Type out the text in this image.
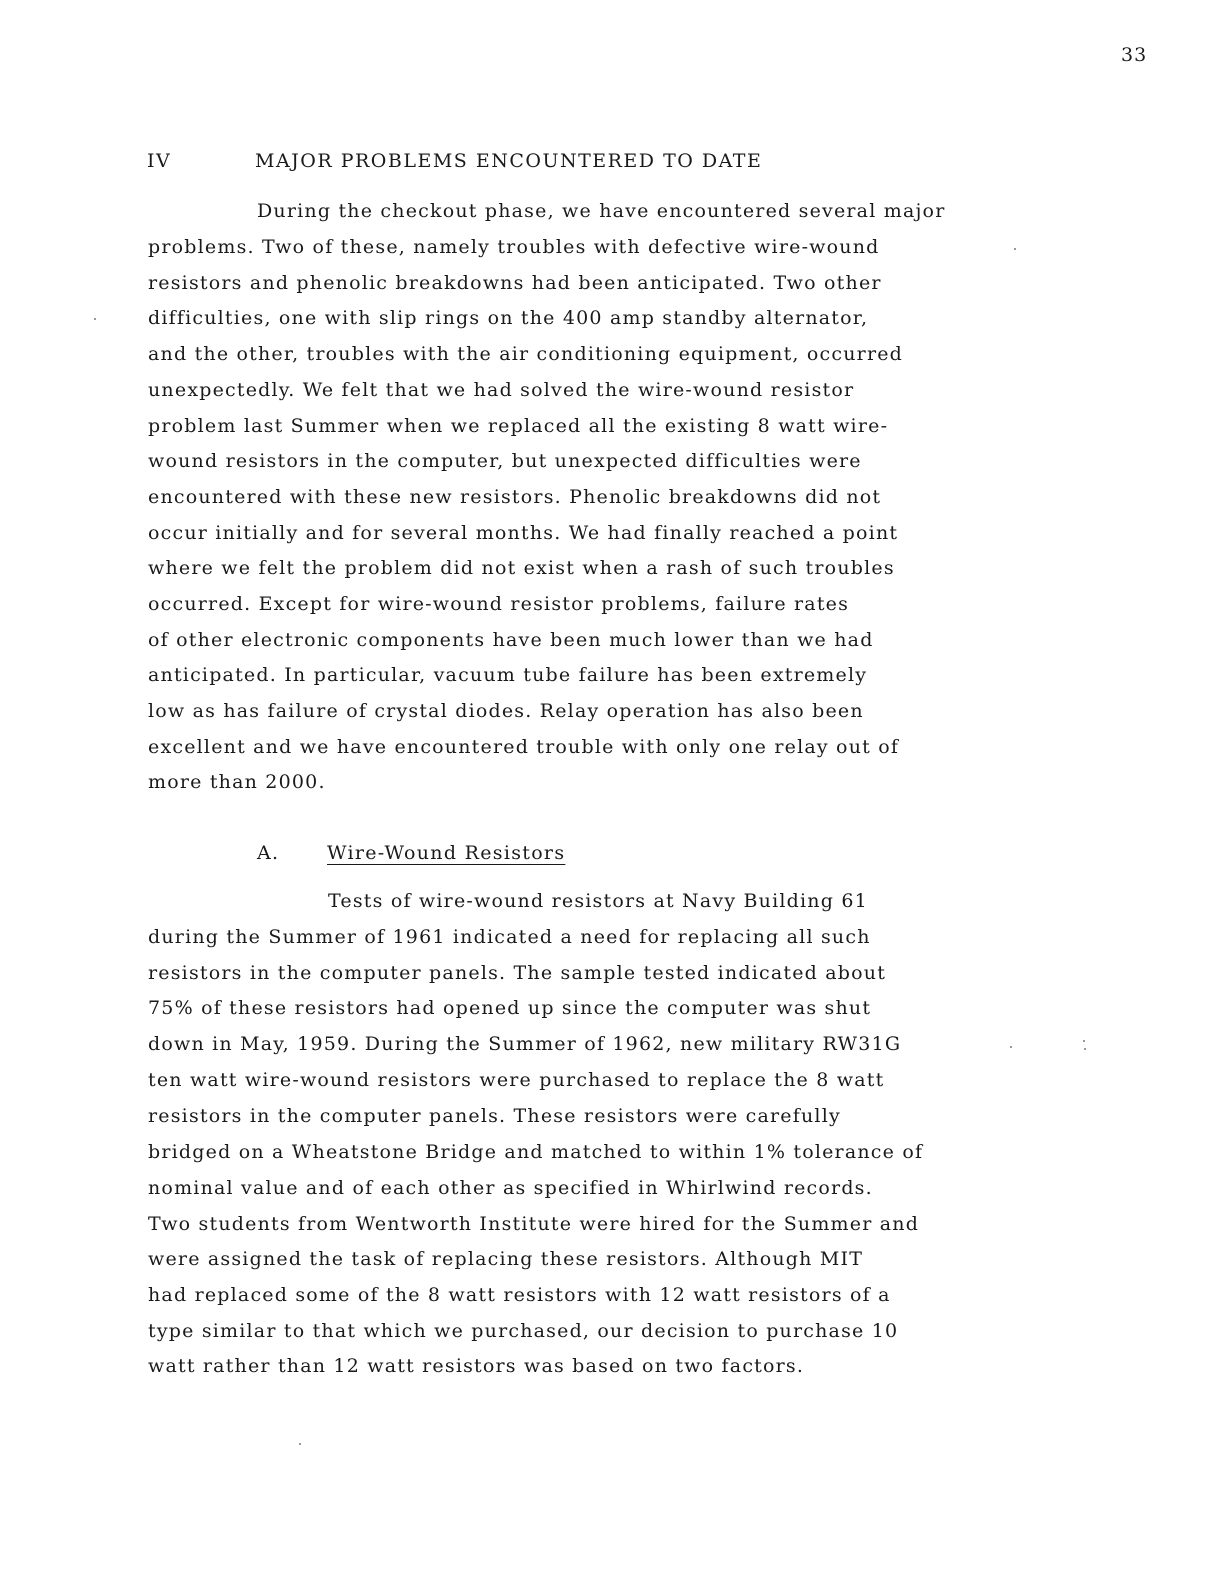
33
IV	MAJOR PROBLEMS ENCOUNTERED TO DATE
During the checkout phase, we have encountered several major
problems. Two of these, namely troubles with defective wire-wound
resistors and phenolic breakdowns had been anticipated. Two other
difficulties, one with slip rings on the 400 amp standby alternator,
and the other, troubles with the air conditioning equipment, occurred
unexpectedly. We felt that we had solved the wire-wound resistor
problem last Summer when we replaced all the existing 8 watt wire-
wound resistors in the computer, but unexpected difficulties were
encountered with these new resistors. Phenolic breakdowns did not
occur initially and for several months. We had finally reached a point
where we felt the problem did not exist when a rash of such troubles
occurred. Except for wire-wound resistor problems, failure rates
of other electronic components have been much lower than we had
anticipated. In particular, vacuum tube failure has been extremely
low as has failure of crystal diodes. Relay operation has also been
excellent and we have encountered trouble with only one relay out of
more than 2000.
A.	Wire-Wound Resistors
Tests of wire-wound resistors at Navy Building 61
during the Summer of 1961 indicated a need for replacing all such
resistors in the computer panels. The sample tested indicated about
75% of these resistors had opened up since the computer was shut
down in May, 1959. During the Summer of 1962, new military RW31G
ten watt wire-wound resistors were purchased to replace the 8 watt
resistors in the computer panels. These resistors were carefully
bridged on a Wheatstone Bridge and matched to within 1% tolerance of
nominal value and of each other as specified in Whirlwind records.
Two students from Wentworth Institute were hired for the Summer and
were assigned the task of replacing these resistors. Although MIT
had replaced some of the 8 watt resistors with 12 watt resistors of a
type similar to that which we purchased, our decision to purchase 10
watt rather than 12 watt resistors was based on two factors.
